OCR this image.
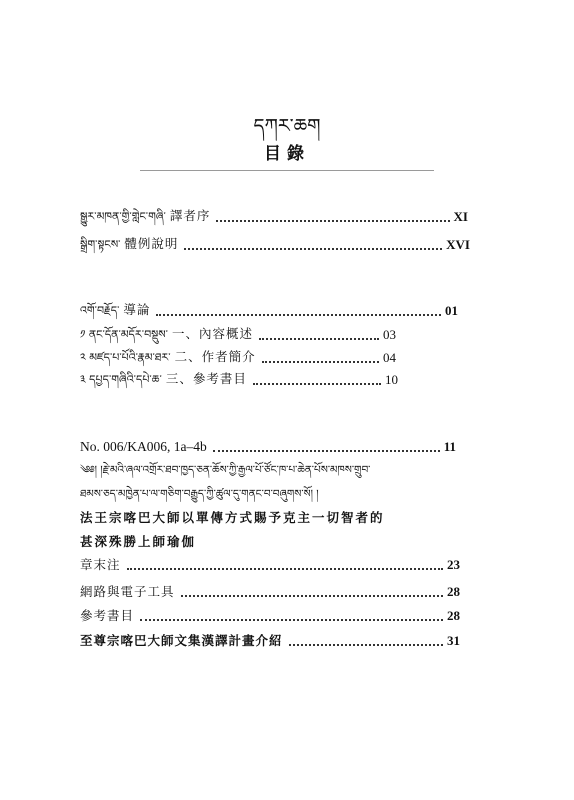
དཀར་ཆག
目錄
སྒྱུར་མཁན་གྱི་གླེང་གཞི་ 譯者序	XI
སྒྲིག་སྟངས་ 體例說明	XVI
འགོ་བརྗོད་ 導論	01
༡ ནང་དོན་མདོར་བསྡུས་ 一、內容概述	03
༢ མཛད་པ་པོའི་རྣམ་ཐར་ 二、作者簡介	04
༣ དཔྱད་གཞིའི་དཔེ་ཆ་ 三、參考書目	10
No. 006/KA006, 1a–4b	11
༄༅། །རྗེ་མའི་ཞལ་འགྲོར་ཐབ་ཁྱད་ཅན་ཆོས་ཀྱི་རྒྱལ་པོ་ཙོང་ཁ་པ་ཆེན་པོས་མཁས་གྲུབ་
ཐམས་ཅད་མཁྱེན་པ་ལ་གཅིག་བརྒྱུད་ཀྱི་ཚུལ་དུ་གནང་བ་བཞུགས་སོ། །
法王宗喀巴大師以單傳方式賜予克主一切智者的
甚深殊勝上師瑜伽
章末注	23
網路與電子工具	28
參考書目	28
至尊宗喀巴大師文集漢譯計畫介紹	31
